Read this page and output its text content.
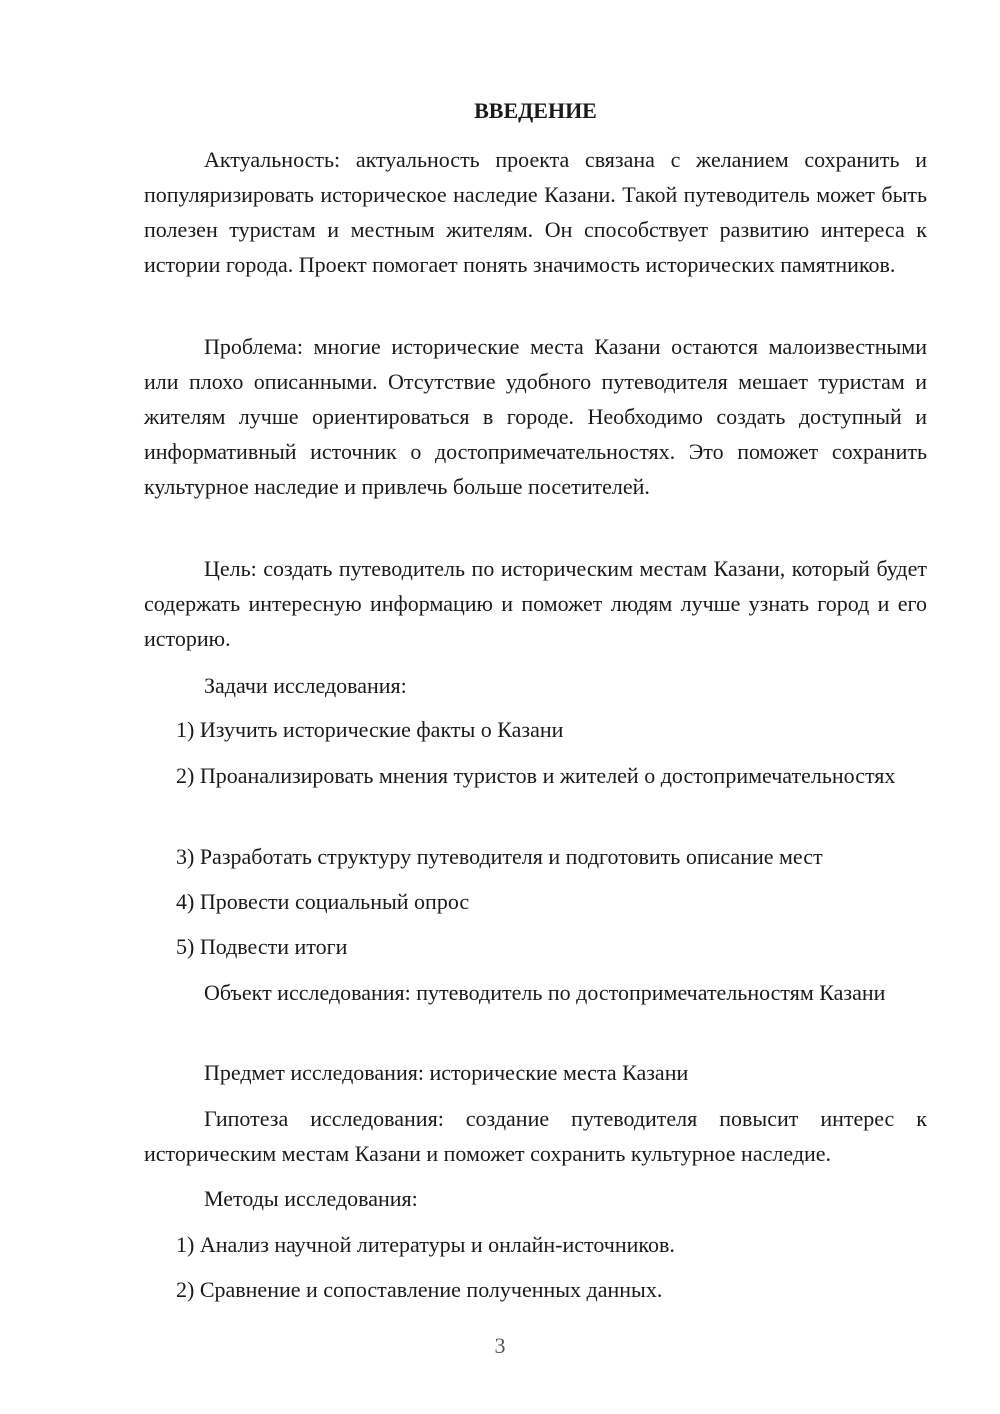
ВВЕДЕНИЕ

Актуальность: актуальность проекта связана с желанием сохранить и популяризировать историческое наследие Казани. Такой путеводитель может быть полезен туристам и местным жителям. Он способствует развитию интереса к истории города. Проект помогает понять значимость исторических памятников.

Проблема: многие исторические места Казани остаются малоизвестными или плохо описанными. Отсутствие удобного путеводителя мешает туристам и жителям лучше ориентироваться в городе. Необходимо создать доступный и информативный источник о достопримечательностях. Это поможет сохранить культурное наследие и привлечь больше посетителей.

Цель: создать путеводитель по историческим местам Казани, который будет содержать интересную информацию и поможет людям лучше узнать город и его историю.

Задачи исследования:

1) Изучить исторические факты о Казани

2) Проанализировать мнения туристов и жителей о достопримечательностях

3) Разработать структуру путеводителя и подготовить описание мест

4) Провести социальный опрос

5) Подвести итоги

Объект исследования: путеводитель по достопримечательностям Казани

Предмет исследования: исторические места Казани

Гипотеза исследования: создание путеводителя повысит интерес к историческим местам Казани и поможет сохранить культурное наследие.

Методы исследования:

1) Анализ научной литературы и онлайн-источников.

2) Сравнение и сопоставление полученных данных.

3
